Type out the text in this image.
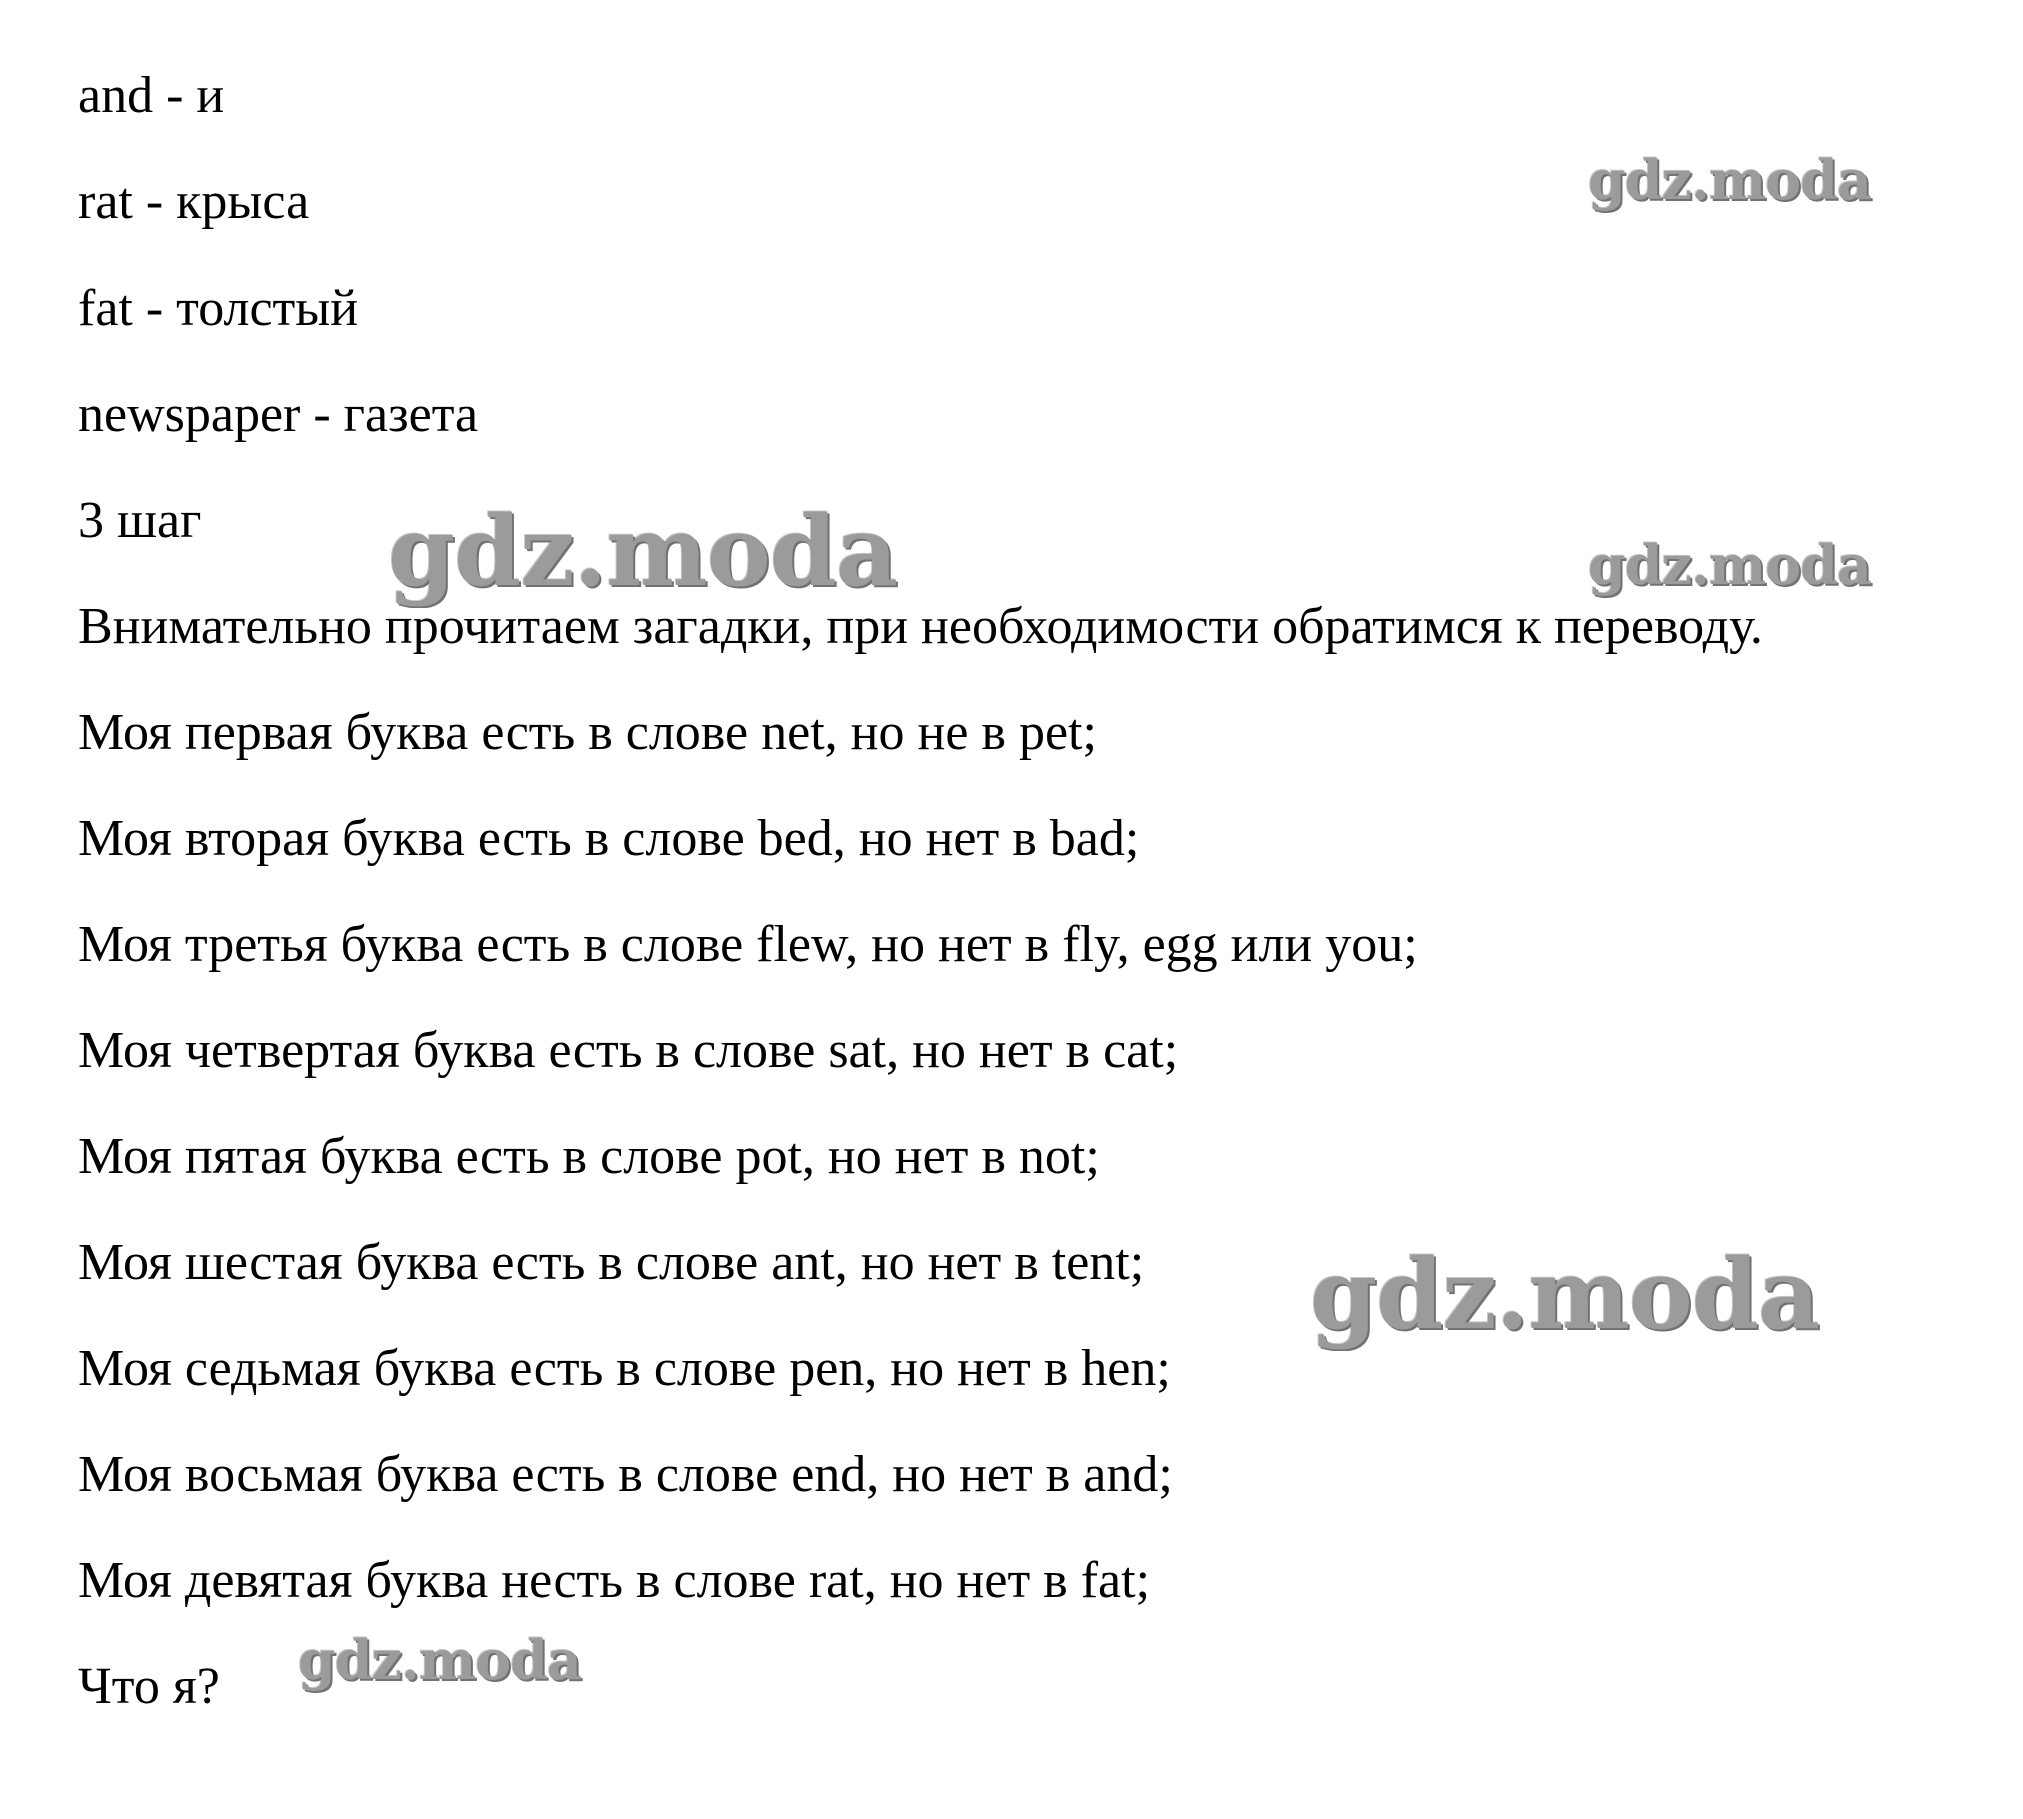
and - и

rat - крыса

fat - толстый

newspaper - газета

3 шаг

Внимательно прочитаем загадки, при необходимости обратимся к переводу.

Моя первая буква есть в слове net, но не в pet;

Моя вторая буква есть в слове bed, но нет в bad;

Моя третья буква есть в слове flew, но нет в fly, egg или you;

Моя четвертая буква есть в слове sat, но нет в cat;

Моя пятая буква есть в слове pot, но нет в not;

Моя шестая буква есть в слове ant, но нет в tent;

Моя седьмая буква есть в слове pen, но нет в hen;

Моя восьмая буква есть в слове end, но нет в and;

Моя девятая буква несть в слове rat, но нет в fat;

Что я?

gdz.moda
gdz.moda	gdz.moda
gdz.moda
gdz.moda
